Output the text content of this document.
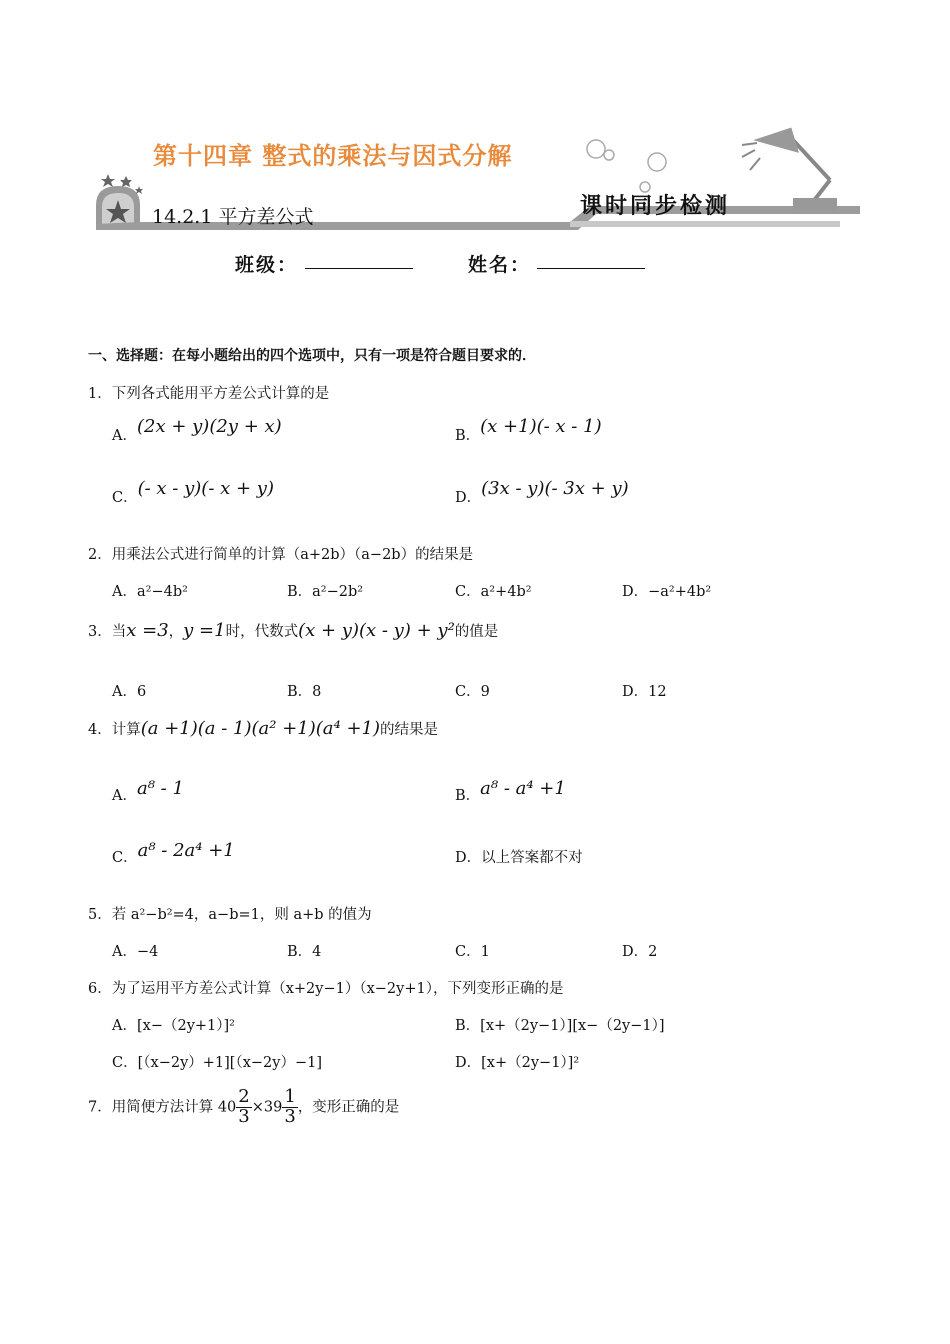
第十四章 整式的乘法与因式分解
14.2.1 平方差公式	课时同步检测
班级：	姓名：
一、选择题：在每小题给出的四个选项中，只有一项是符合题目要求的．
1．下列各式能用平方差公式计算的是
A．(2x + y)(2y + x)	B．(x +1)(- x - 1)
C．(- x - y)(- x + y)	D．(3x - y)(- 3x + y)
2．用乘法公式进行简单的计算（a+2b）（a−2b）的结果是
A．a²−4b²	B．a²−2b²	C．a²+4b²	D．−a²+4b²
3．当x =3，y =1时，代数式(x + y)(x - y) + y²的值是
A．6	B．8	C．9	D．12
4．计算(a +1)(a - 1)(a² +1)(a⁴ +1)的结果是
A．a⁸ - 1	B．a⁸ - a⁴ +1
C．a⁸ - 2a⁴ +1	D．以上答案都不对
5．若 a²−b²=4，a−b=1，则 a+b 的值为
A．−4	B．4	C．1	D．2
6．为了运用平方差公式计算（x+2y−1）（x−2y+1），下列变形正确的是
A．[x−（2y+1）]²	B．[x+（2y−1）][x−（2y−1）]
C．[（x−2y）+1][（x−2y）−1]	D．[x+（2y−1）]²
7．用简便方法计算 $40 \frac{2}{3} \times 39 \frac{1}{3}$ ，变形正确的是
